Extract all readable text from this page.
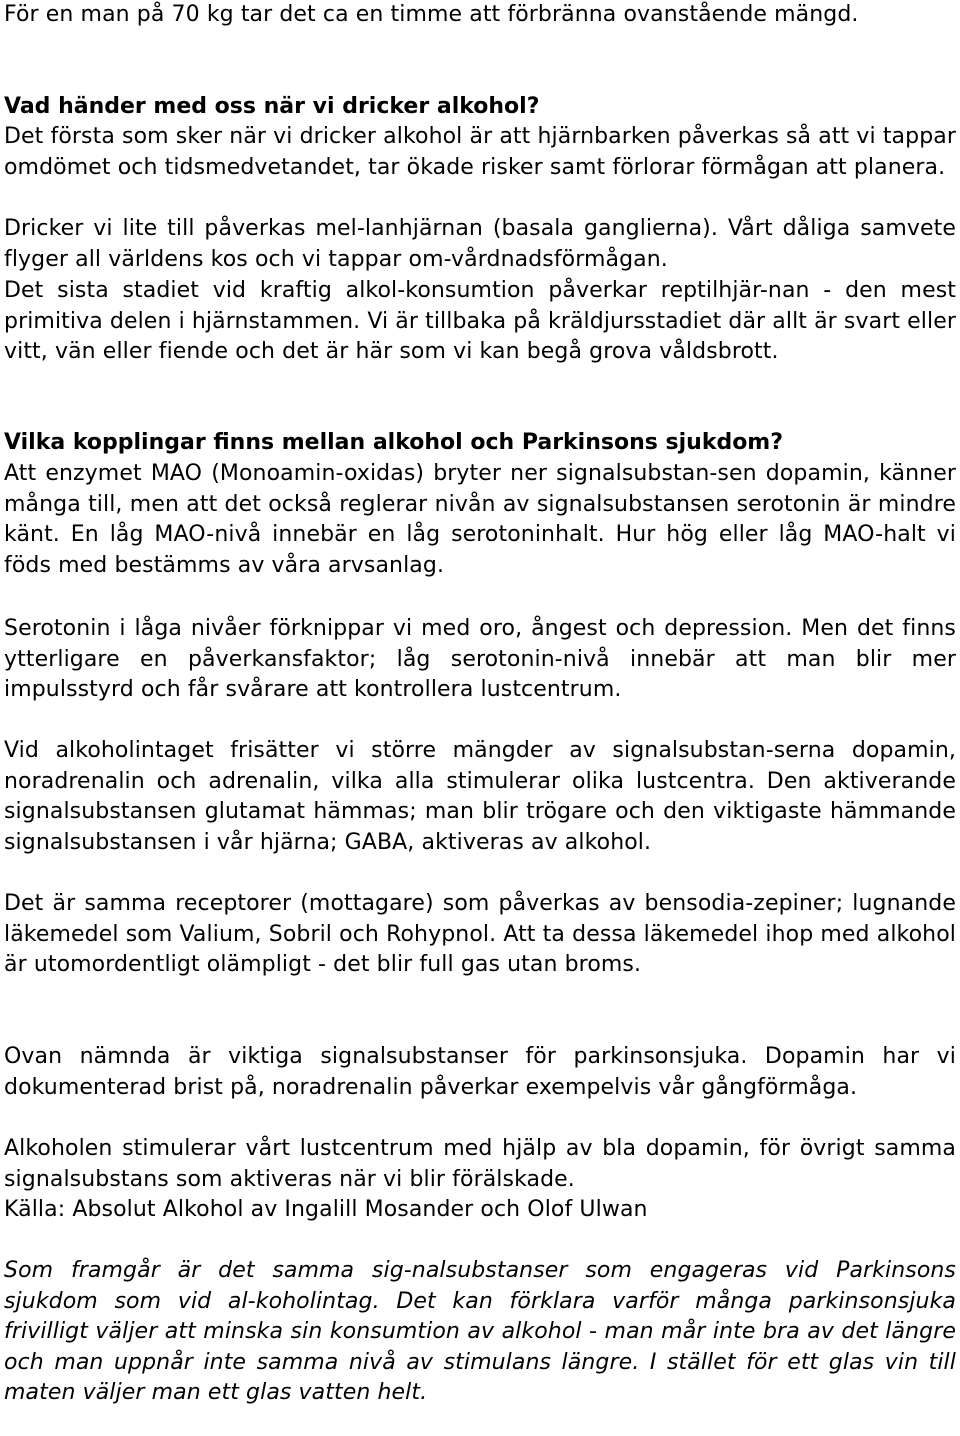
För en man på 70 kg tar det ca en timme att förbränna ovanstående mängd.

Vad händer med oss när vi dricker alkohol?

Det första som sker när vi dricker alkohol är att hjärnbarken påverkas så att vi tappar omdömet och tidsmedvetandet, tar ökade risker samt förlorar förmågan att planera.

Dricker vi lite till påverkas mel-lanhjärnan (basala ganglierna). Vårt dåliga samvete flyger all världens kos och vi tappar om-vårdnadsförmågan.

Det sista stadiet vid kraftig alkol-konsumtion påverkar reptilhjär-nan - den mest primitiva delen i hjärnstammen. Vi är tillbaka på kräldjursstadiet där allt är svart eller vitt, vän eller fiende och det är här som vi kan begå grova våldsbrott.

Vilka kopplingar finns mellan alkohol och Parkinsons sjukdom?

Att enzymet MAO (Monoamin-oxidas) bryter ner signalsubstan-sen dopamin, känner många till, men att det också reglerar nivån av signalsubstansen serotonin är mindre känt. En låg MAO-nivå innebär en låg serotoninhalt. Hur hög eller låg MAO-halt vi föds med bestämms av våra arvsanlag.

Serotonin i låga nivåer förknippar vi med oro, ångest och depression. Men det finns ytterligare en påverkansfaktor; låg serotonin-nivå innebär att man blir mer impulsstyrd och får svårare att kontrollera lustcentrum.

Vid alkoholintaget frisätter vi större mängder av signalsubstan-serna dopamin, noradrenalin och adrenalin, vilka alla stimulerar olika lustcentra. Den aktiverande signalsubstansen glutamat hämmas; man blir trögare och den viktigaste hämmande signalsubstansen i vår hjärna; GABA, aktiveras av alkohol.

Det är samma receptorer (mottagare) som påverkas av bensodia-zepiner; lugnande läkemedel som Valium, Sobril och Rohypnol. Att ta dessa läkemedel ihop med alkohol är utomordentligt olämpligt - det blir full gas utan broms.

Ovan nämnda är viktiga signalsubstanser för parkinsonsjuka. Dopamin har vi dokumenterad brist på, noradrenalin påverkar exempelvis vår gångförmåga.

Alkoholen stimulerar vårt lustcentrum med hjälp av bla dopamin, för övrigt samma signalsubstans som aktiveras när vi blir förälskade.

Källa: Absolut Alkohol av Ingalill Mosander och Olof Ulwan

Som framgår är det samma sig-nalsubstanser som engageras vid Parkinsons sjukdom som vid al-koholintag. Det kan förklara varför många parkinsonsjuka frivilligt väljer att minska sin konsumtion av alkohol - man mår inte bra av det längre och man uppnår inte samma nivå av stimulans längre. I stället för ett glas vin till maten väljer man ett glas vatten helt.
